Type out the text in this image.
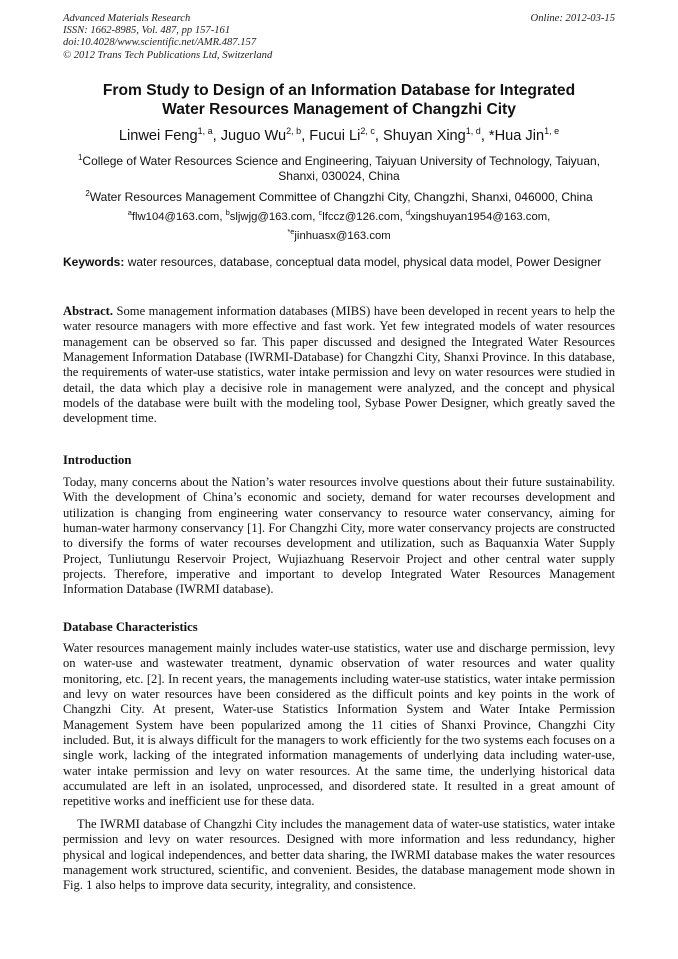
Advanced Materials Research
ISSN: 1662-8985, Vol. 487, pp 157-161
doi:10.4028/www.scientific.net/AMR.487.157
© 2012 Trans Tech Publications Ltd, Switzerland
Online: 2012-03-15
From Study to Design of an Information Database for Integrated
Water Resources Management of Changzhi City
Linwei Feng$^{1, a}$, Juguo Wu$^{2, b}$, Fucui Li$^{2, c}$, Shuyan Xing$^{1, d}$, *Hua Jin$^{1, e}$
$^1$College of Water Resources Science and Engineering, Taiyuan University of Technology, Taiyuan, Shanxi, 030024, China
$^2$Water Resources Management Committee of Changzhi City, Changzhi, Shanxi, 046000, China
$^a$flw104@163.com, $^b$sljwjg@163.com, $^c$lfccz@126.com, $^d$xingshuyan1954@163.com,
$^{*e}$jinhuasx@163.com
Keywords: water resources, database, conceptual data model, physical data model, Power Designer
Abstract. Some management information databases (MIBS) have been developed in recent years to help the water resource managers with more effective and fast work. Yet few integrated models of water resources management can be observed so far. This paper discussed and designed the Integrated Water Resources Management Information Database (IWRMI-Database) for Changzhi City, Shanxi Province. In this database, the requirements of water-use statistics, water intake permission and levy on water resources were studied in detail, the data which play a decisive role in management were analyzed, and the concept and physical models of the database were built with the modeling tool, Sybase Power Designer, which greatly saved the development time.
Introduction
Today, many concerns about the Nation’s water resources involve questions about their future sustainability. With the development of China’s economic and society, demand for water recourses development and utilization is changing from engineering water conservancy to resource water conservancy, aiming for human-water harmony conservancy [1]. For Changzhi City, more water conservancy projects are constructed to diversify the forms of water recourses development and utilization, such as Baquanxia Water Supply Project, Tunliutungu Reservoir Project, Wujiazhuang Reservoir Project and other central water supply projects. Therefore, imperative and important to develop Integrated Water Resources Management Information Database (IWRMI database).
Database Characteristics
Water resources management mainly includes water-use statistics, water use and discharge permission, levy on water-use and wastewater treatment, dynamic observation of water resources and water quality monitoring, etc. [2]. In recent years, the managements including water-use statistics, water intake permission and levy on water resources have been considered as the difficult points and key points in the work of Changzhi City. At present, Water-use Statistics Information System and Water Intake Permission Management System have been popularized among the 11 cities of Shanxi Province, Changzhi City included. But, it is always difficult for the managers to work efficiently for the two systems each focuses on a single work, lacking of the integrated information managements of underlying data including water-use, water intake permission and levy on water resources. At the same time, the underlying historical data accumulated are left in an isolated, unprocessed, and disordered state. It resulted in a great amount of repetitive works and inefficient use for these data.
The IWRMI database of Changzhi City includes the management data of water-use statistics, water intake permission and levy on water resources. Designed with more information and less redundancy, higher physical and logical independences, and better data sharing, the IWRMI database makes the water resources management work structured, scientific, and convenient. Besides, the database management mode shown in Fig. 1 also helps to improve data security, integrality, and consistence.
